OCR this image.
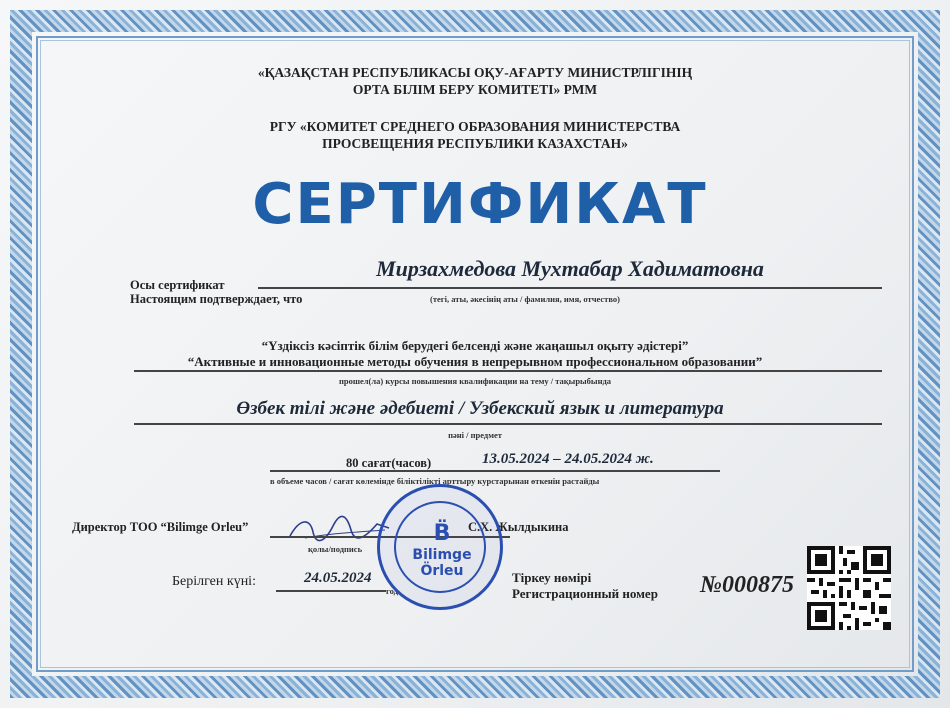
«ҚАЗАҚСТАН РЕСПУБЛИКАСЫ ОҚУ-АҒАРТУ МИНИСТРЛІГІНІҢ
ОРТА БІЛІМ БЕРУ КОМИТЕТІ» РММ
РГУ «КОМИТЕТ СРЕДНЕГО ОБРАЗОВАНИЯ МИНИСТЕРСТВА
ПРОСВЕЩЕНИЯ РЕСПУБЛИКИ КАЗАХСТАН»
СЕРТИФИКАТ
Осы сертификат
Настоящим подтверждает, что
Мирзахмедова Мухтабар Хадиматовна
(тегі, аты, әкесінің аты / фамилия, имя, отчество)
“Үздіксіз кәсіптік білім берудегі белсенді және жаңашыл оқыту әдістері”
“Активные и инновационные методы обучения в непрерывном профессиональном образовании”
прошел(ла) курсы повышения квалификации на тему / тақырыбында
Өзбек тілі және әдебиеті / Узбекский язык и литература
пәні / предмет
80 сағат(часов)	13.05.2024 – 24.05.2024 ж.
в объеме часов / сағат көлемінде біліктілікті арттыру курстарынан өткенін растайды
Директор ТОО “Bilimge Orleu”	С.Х. Жылдыкина
қолы/подпись
Берілген күні:	24.05.2024
год
B̈
Bilimge
Örleu	Тіркеу нөмірі
Регистрационный номер №000875
